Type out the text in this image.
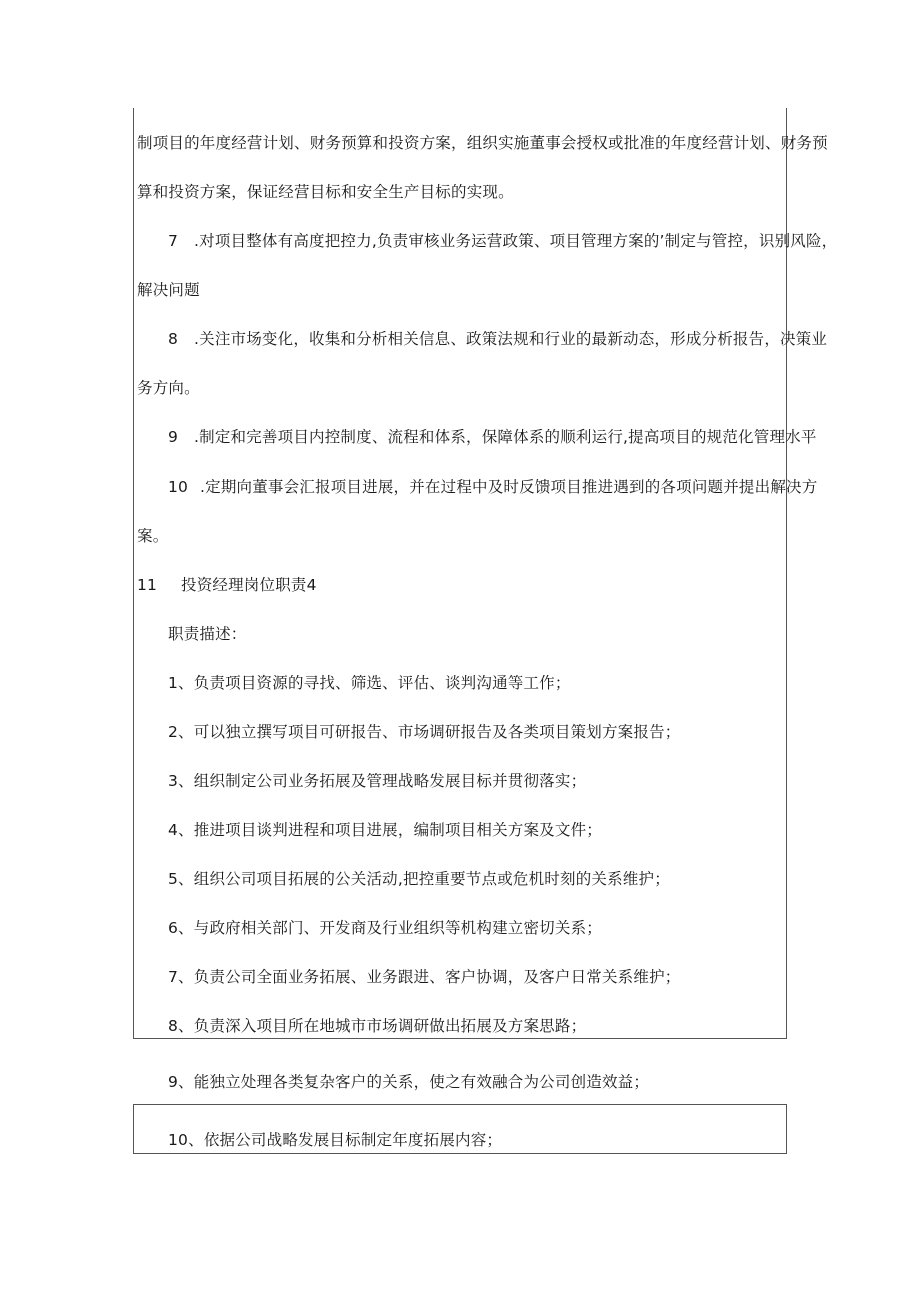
制项目的年度经营计划、财务预算和投资方案，组织实施董事会授权或批准的年度经营计划、财务预
算和投资方案，保证经营目标和安全生产目标的实现。
7 .对项目整体有高度把控力,负责审核业务运营政策、项目管理方案的’制定与管控，识别风险，
解决问题
8 .关注市场变化，收集和分析相关信息、政策法规和行业的最新动态，形成分析报告，决策业
务方向。
9 .制定和完善项目内控制度、流程和体系，保障体系的顺利运行,提高项目的规范化管理水平
10 .定期向董事会汇报项目进展，并在过程中及时反馈项目推进遇到的各项问题并提出解决方
案。
11 投资经理岗位职责4
职责描述：
1、负责项目资源的寻找、筛选、评估、谈判沟通等工作；
2、可以独立撰写项目可研报告、市场调研报告及各类项目策划方案报告；
3、组织制定公司业务拓展及管理战略发展目标并贯彻落实；
4、推进项目谈判进程和项目进展，编制项目相关方案及文件；
5、组织公司项目拓展的公关活动,把控重要节点或危机时刻的关系维护；
6、与政府相关部门、开发商及行业组织等机构建立密切关系；
7、负责公司全面业务拓展、业务跟进、客户协调，及客户日常关系维护；
8、负责深入项目所在地城市市场调研做出拓展及方案思路；
9、能独立处理各类复杂客户的关系，使之有效融合为公司创造效益；
10、依据公司战略发展目标制定年度拓展内容；
